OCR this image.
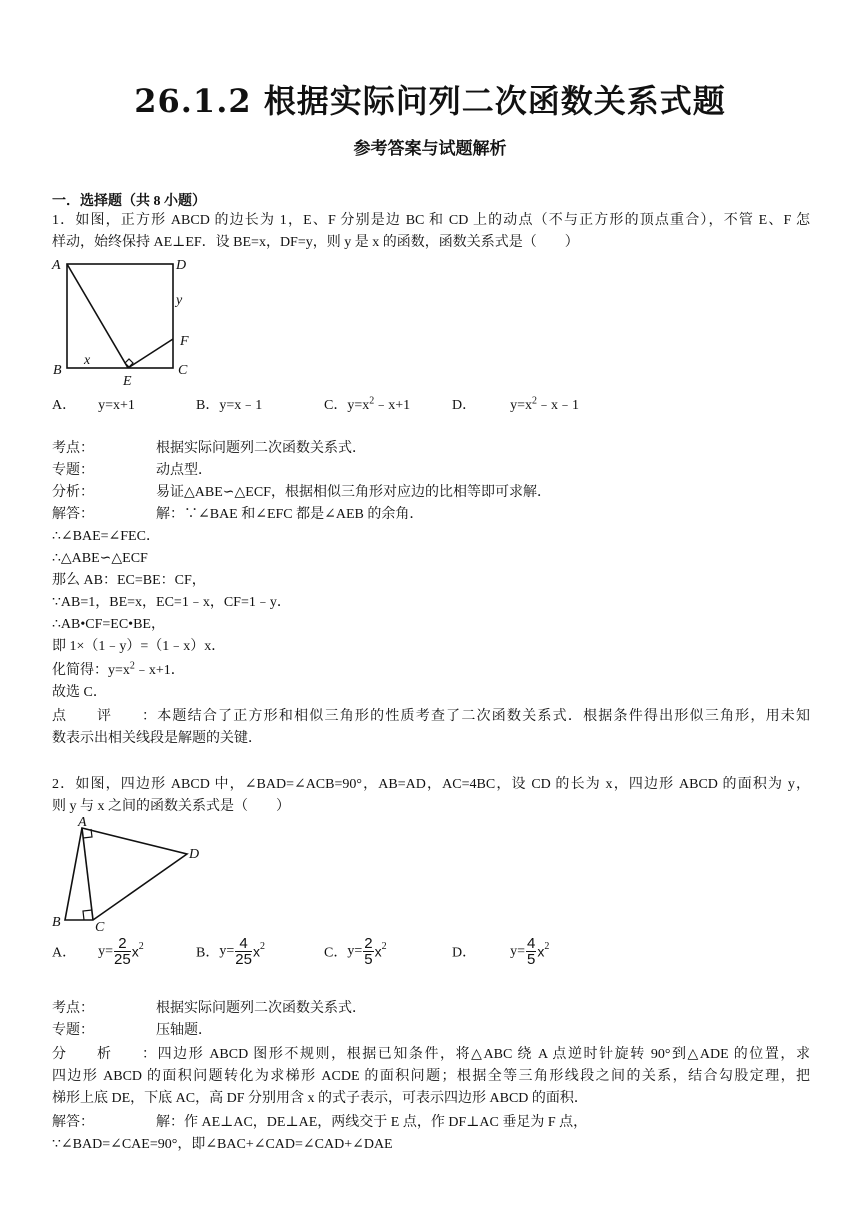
26.1.2 根据实际问列二次函数关系式题
参考答案与试题解析
一．选择题（共 8 小题）
1．如图，正方形 ABCD 的边长为 1，E、F 分别是边 BC 和 CD 上的动点（不与正方形的顶点重合），不管 E、F 怎
样动，始终保持 AE⊥EF．设 BE=x，DF=y，则 y 是 x 的函数，函数关系式是（　　）
A	D
B	C
E
F
x
y
A． y=x+1	B．y=x﹣1	C．$y=x^2﹣x+1$	D． $y=x^2﹣x﹣1$
考点：	根据实际问题列二次函数关系式．
专题：	动点型．
分析：	易证△ABE∽△ECF，根据相似三角形对应边的比相等即可求解．
解答：	解：∵∠BAE 和∠EFC 都是∠AEB 的余角．
∴∠BAE=∠FEC．
∴△ABE∽△ECF
那么 AB：EC=BE：CF，
∵AB=1，BE=x，EC=1﹣x，CF=1﹣y．
∴AB•CF=EC•BE，
即 1×（1﹣y）=（1﹣x）x．
化简得：$y=x^2﹣x+1$．
故选 C．
点评：本题结合了正方形和相似三角形的性质考查了二次函数关系式．根据条件得出形似三角形，用未知
数表示出相关线段是解题的关键．
2．如图，四边形 ABCD 中，∠BAD=∠ACB=90°，AB=AD，AC=4BC，设 CD 的长为 x，四边形 ABCD 的面积为 y，
则 y 与 x 之间的函数关系式是（　　）
A
D
B C
A． $y= \frac{2}{25} x^2$	B．$y= \frac{4}{25} x^2$	C．$y= \frac{2}{5} x^2$	D． $y= \frac{4}{5} x^2$
考点：	根据实际问题列二次函数关系式．
专题：	压轴题．
分析：四边形 ABCD 图形不规则，根据已知条件，将△ABC 绕 A 点逆时针旋转 90°到△ADE 的位置，求
四边形 ABCD 的面积问题转化为求梯形 ACDE 的面积问题；根据全等三角形线段之间的关系，结合勾股定理，把
梯形上底 DE，下底 AC，高 DF 分别用含 x 的式子表示，可表示四边形 ABCD 的面积．
解答：	解：作 AE⊥AC，DE⊥AE，两线交于 E 点，作 DF⊥AC 垂足为 F 点，
∵∠BAD=∠CAE=90°，即∠BAC+∠CAD=∠CAD+∠DAE
